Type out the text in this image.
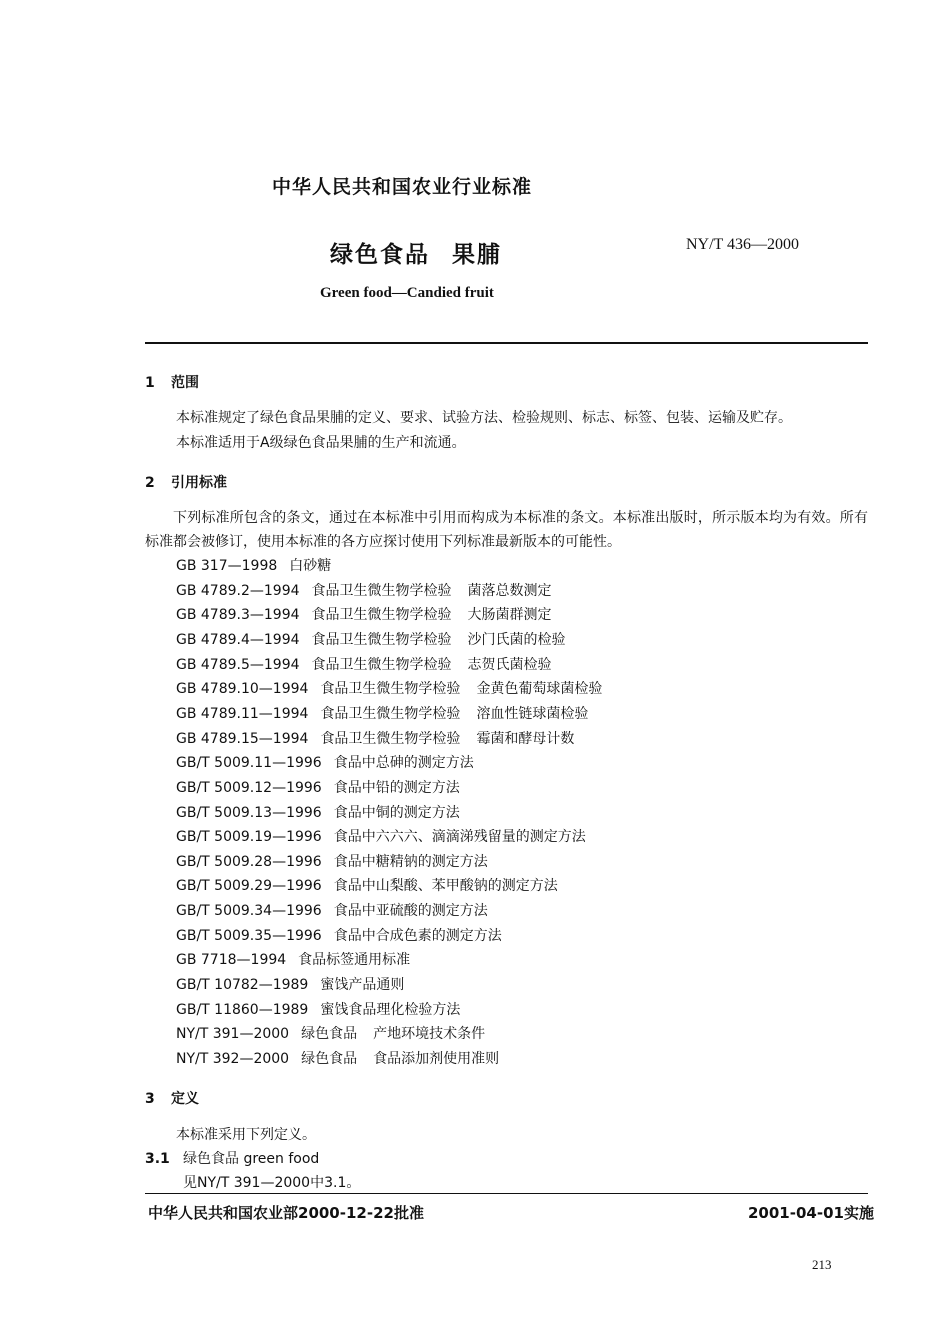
中华人民共和国农业行业标准
绿色食品 果脯	NY/T 436—2000
Green food—Candied fruit
1 范围
本标准规定了绿色食品果脯的定义、要求、试验方法、检验规则、标志、标签、包装、运输及贮存。
本标准适用于A级绿色食品果脯的生产和流通。
2 引用标准
下列标准所包含的条文，通过在本标准中引用而构成为本标准的条文。本标准出版时，所示版本均为有效。所有标准都会被修订，使用本标准的各方应探讨使用下列标准最新版本的可能性。
GB 317—1998 白砂糖
GB 4789.2—1994 食品卫生微生物学检验 菌落总数测定
GB 4789.3—1994 食品卫生微生物学检验 大肠菌群测定
GB 4789.4—1994 食品卫生微生物学检验 沙门氏菌的检验
GB 4789.5—1994 食品卫生微生物学检验 志贺氏菌检验
GB 4789.10—1994 食品卫生微生物学检验 金黄色葡萄球菌检验
GB 4789.11—1994 食品卫生微生物学检验 溶血性链球菌检验
GB 4789.15—1994 食品卫生微生物学检验 霉菌和酵母计数
GB/T 5009.11—1996 食品中总砷的测定方法
GB/T 5009.12—1996 食品中铅的测定方法
GB/T 5009.13—1996 食品中铜的测定方法
GB/T 5009.19—1996 食品中六六六、滴滴涕残留量的测定方法
GB/T 5009.28—1996 食品中糖精钠的测定方法
GB/T 5009.29—1996 食品中山梨酸、苯甲酸钠的测定方法
GB/T 5009.34—1996 食品中亚硫酸的测定方法
GB/T 5009.35—1996 食品中合成色素的测定方法
GB 7718—1994 食品标签通用标准
GB/T 10782—1989 蜜饯产品通则
GB/T 11860—1989 蜜饯食品理化检验方法
NY/T 391—2000 绿色食品 产地环境技术条件
NY/T 392—2000 绿色食品 食品添加剂使用准则
3 定义
本标准采用下列定义。
3.1 绿色食品 green food
见NY/T 391—2000中3.1。
中华人民共和国农业部2000-12-22批准	2001-04-01实施
213
